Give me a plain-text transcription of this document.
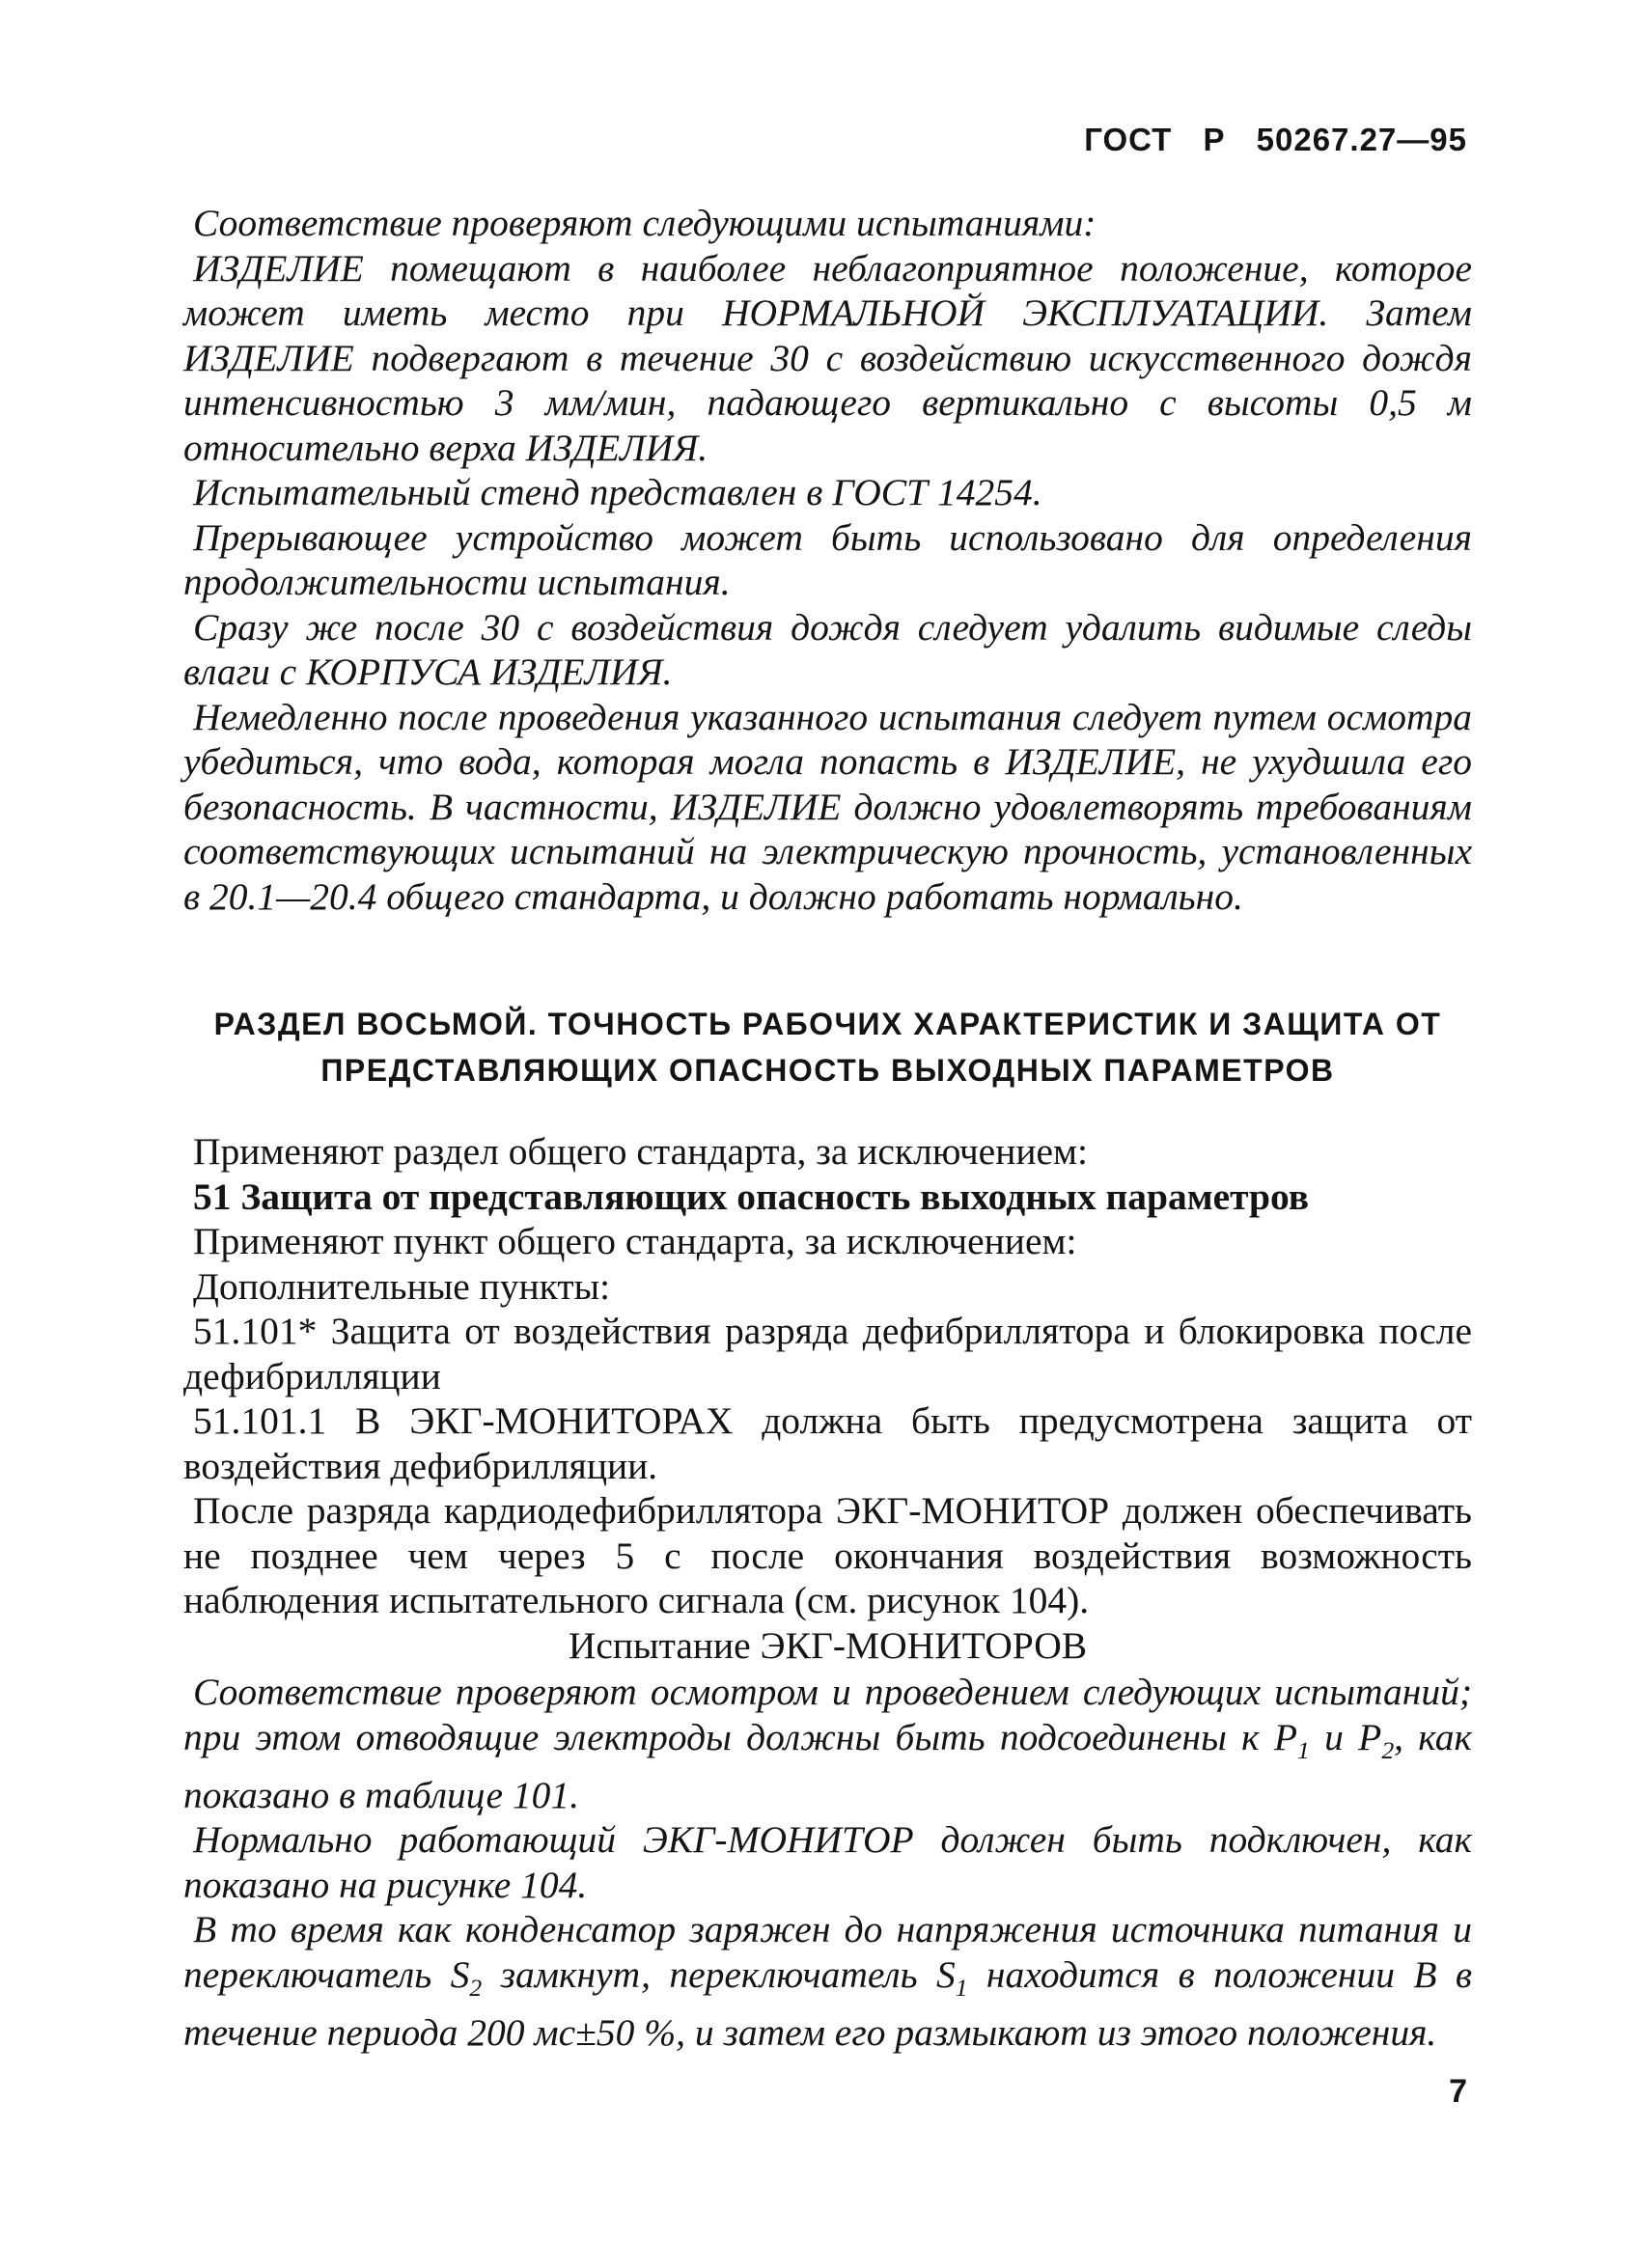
ГОСТ Р 50267.27—95

Соответствие проверяют следующими испытаниями:

ИЗДЕЛИЕ помещают в наиболее неблагоприятное положение, которое может иметь место при НОРМАЛЬНОЙ ЭКСПЛУАТАЦИИ. Затем ИЗДЕЛИЕ подвергают в течение 30 с воздействию искусственного дождя интенсивностью 3 мм/мин, падающего вертикально с высоты 0,5 м относительно верха ИЗДЕЛИЯ.

Испытательный стенд представлен в ГОСТ 14254.

Прерывающее устройство может быть использовано для определения продолжительности испытания.

Сразу же после 30 с воздействия дождя следует удалить видимые следы влаги с КОРПУСА ИЗДЕЛИЯ.

Немедленно после проведения указанного испытания следует путем осмотра убедиться, что вода, которая могла попасть в ИЗДЕЛИЕ, не ухудшила его безопасность. В частности, ИЗДЕЛИЕ должно удовлетворять требованиям соответствующих испытаний на электрическую прочность, установленных в 20.1—20.4 общего стандарта, и должно работать нормально.

РАЗДЕЛ ВОСЬМОЙ. ТОЧНОСТЬ РАБОЧИХ ХАРАКТЕРИСТИК И ЗАЩИТА ОТ ПРЕДСТАВЛЯЮЩИХ ОПАСНОСТЬ ВЫХОДНЫХ ПАРАМЕТРОВ

Применяют раздел общего стандарта, за исключением:

51 Защита от представляющих опасность выходных параметров

Применяют пункт общего стандарта, за исключением:

Дополнительные пункты:

51.101* Защита от воздействия разряда дефибриллятора и блокировка после дефибрилляции

51.101.1 В ЭКГ-МОНИТОРАХ должна быть предусмотрена защита от воздействия дефибрилляции.

После разряда кардиодефибриллятора ЭКГ-МОНИТОР должен обеспечивать не позднее чем через 5 с после окончания воздействия возможность наблюдения испытательного сигнала (см. рисунок 104).

Испытание ЭКГ-МОНИТОРОВ

Соответствие проверяют осмотром и проведением следующих испытаний; при этом отводящие электроды должны быть подсоединены к $P_1$ и $P_2$, как показано в таблице 101.

Нормально работающий ЭКГ-МОНИТОР должен быть подключен, как показано на рисунке 104.

В то время как конденсатор заряжен до напряжения источника питания и переключатель $S_2$ замкнут, переключатель $S_1$ находится в положении В в течение периода 200 мс±50 %, и затем его размыкают из этого положения.

7
